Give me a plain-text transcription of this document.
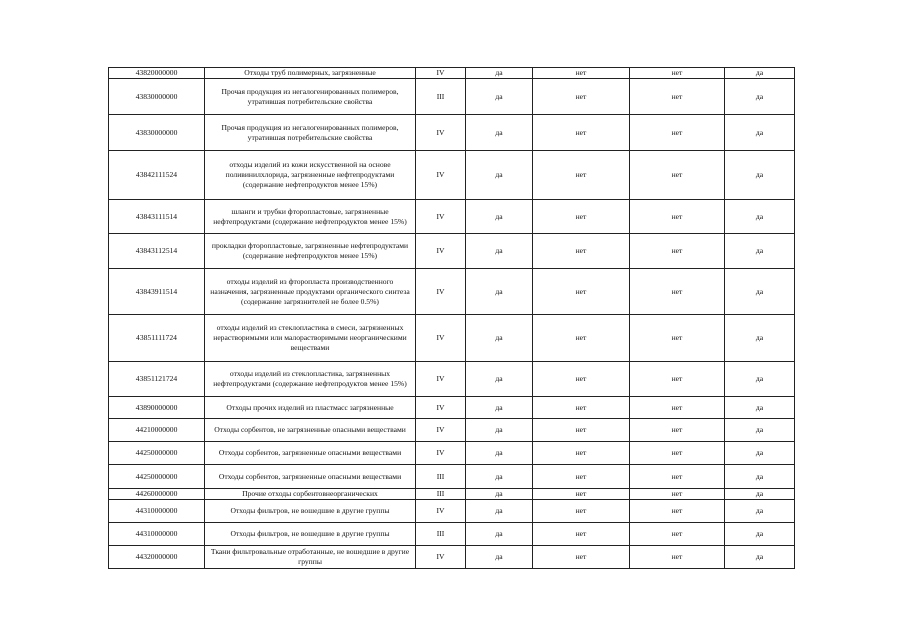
43820000000	Отходы труб полимерных, загрязненные	IV	да	нет	нет	да
43830000000	Прочая продукция из негалогенированных полимеров, утратившая потребительские свойства	III	да	нет	нет	да
43830000000	Прочая продукция из негалогенированных полимеров, утратившая потребительские свойства	IV	да	нет	нет	да
43842111524	отходы изделий из кожи искусственной на основе поливинилхлорида, загрязненные нефтепродуктами (содержание нефтепродуктов менее 15%)	IV	да	нет	нет	да
43843111514	шланги и трубки фторопластовые, загрязненные нефтепродуктами (содержание нефтепродуктов менее 15%)	IV	да	нет	нет	да
43843112514	прокладки фторопластовые, загрязненные нефтепродуктами (содержание нефтепродуктов менее 15%)	IV	да	нет	нет	да
43843911514	отходы изделий из фторопласта производственного назначения, загрязненные продуктами органического синтеза (содержание загрязнителей не более 0.5%)	IV	да	нет	нет	да
43851111724	отходы изделий из стеклопластика в смеси, загрязненных нерастворимыми или малорастворимыми неорганическими веществами	IV	да	нет	нет	да
43851121724	отходы изделий из стеклопластика, загрязненных нефтепродуктами (содержание нефтепродуктов менее 15%)	IV	да	нет	нет	да
43890000000	Отходы прочих изделий из пластмасс загрязненные	IV	да	нет	нет	да
44210000000	Отходы сорбентов, не загрязненные опасными веществами	IV	да	нет	нет	да
44250000000	Отходы сорбентов, загрязненные опасными веществами	IV	да	нет	нет	да
44250000000	Отходы сорбентов, загрязненные опасными веществами	III	да	нет	нет	да
44260000000	Прочие отходы сорбентовнеорганических	III	да	нет	нет	да
44310000000	Отходы фильтров, не вошедшие в другие группы	IV	да	нет	нет	да
44310000000	Отходы фильтров, не вошедшие в другие группы	III	да	нет	нет	да
44320000000	Ткани фильтровальные отработанные, не вошедшие в другие группы	IV	да	нет	нет	да
